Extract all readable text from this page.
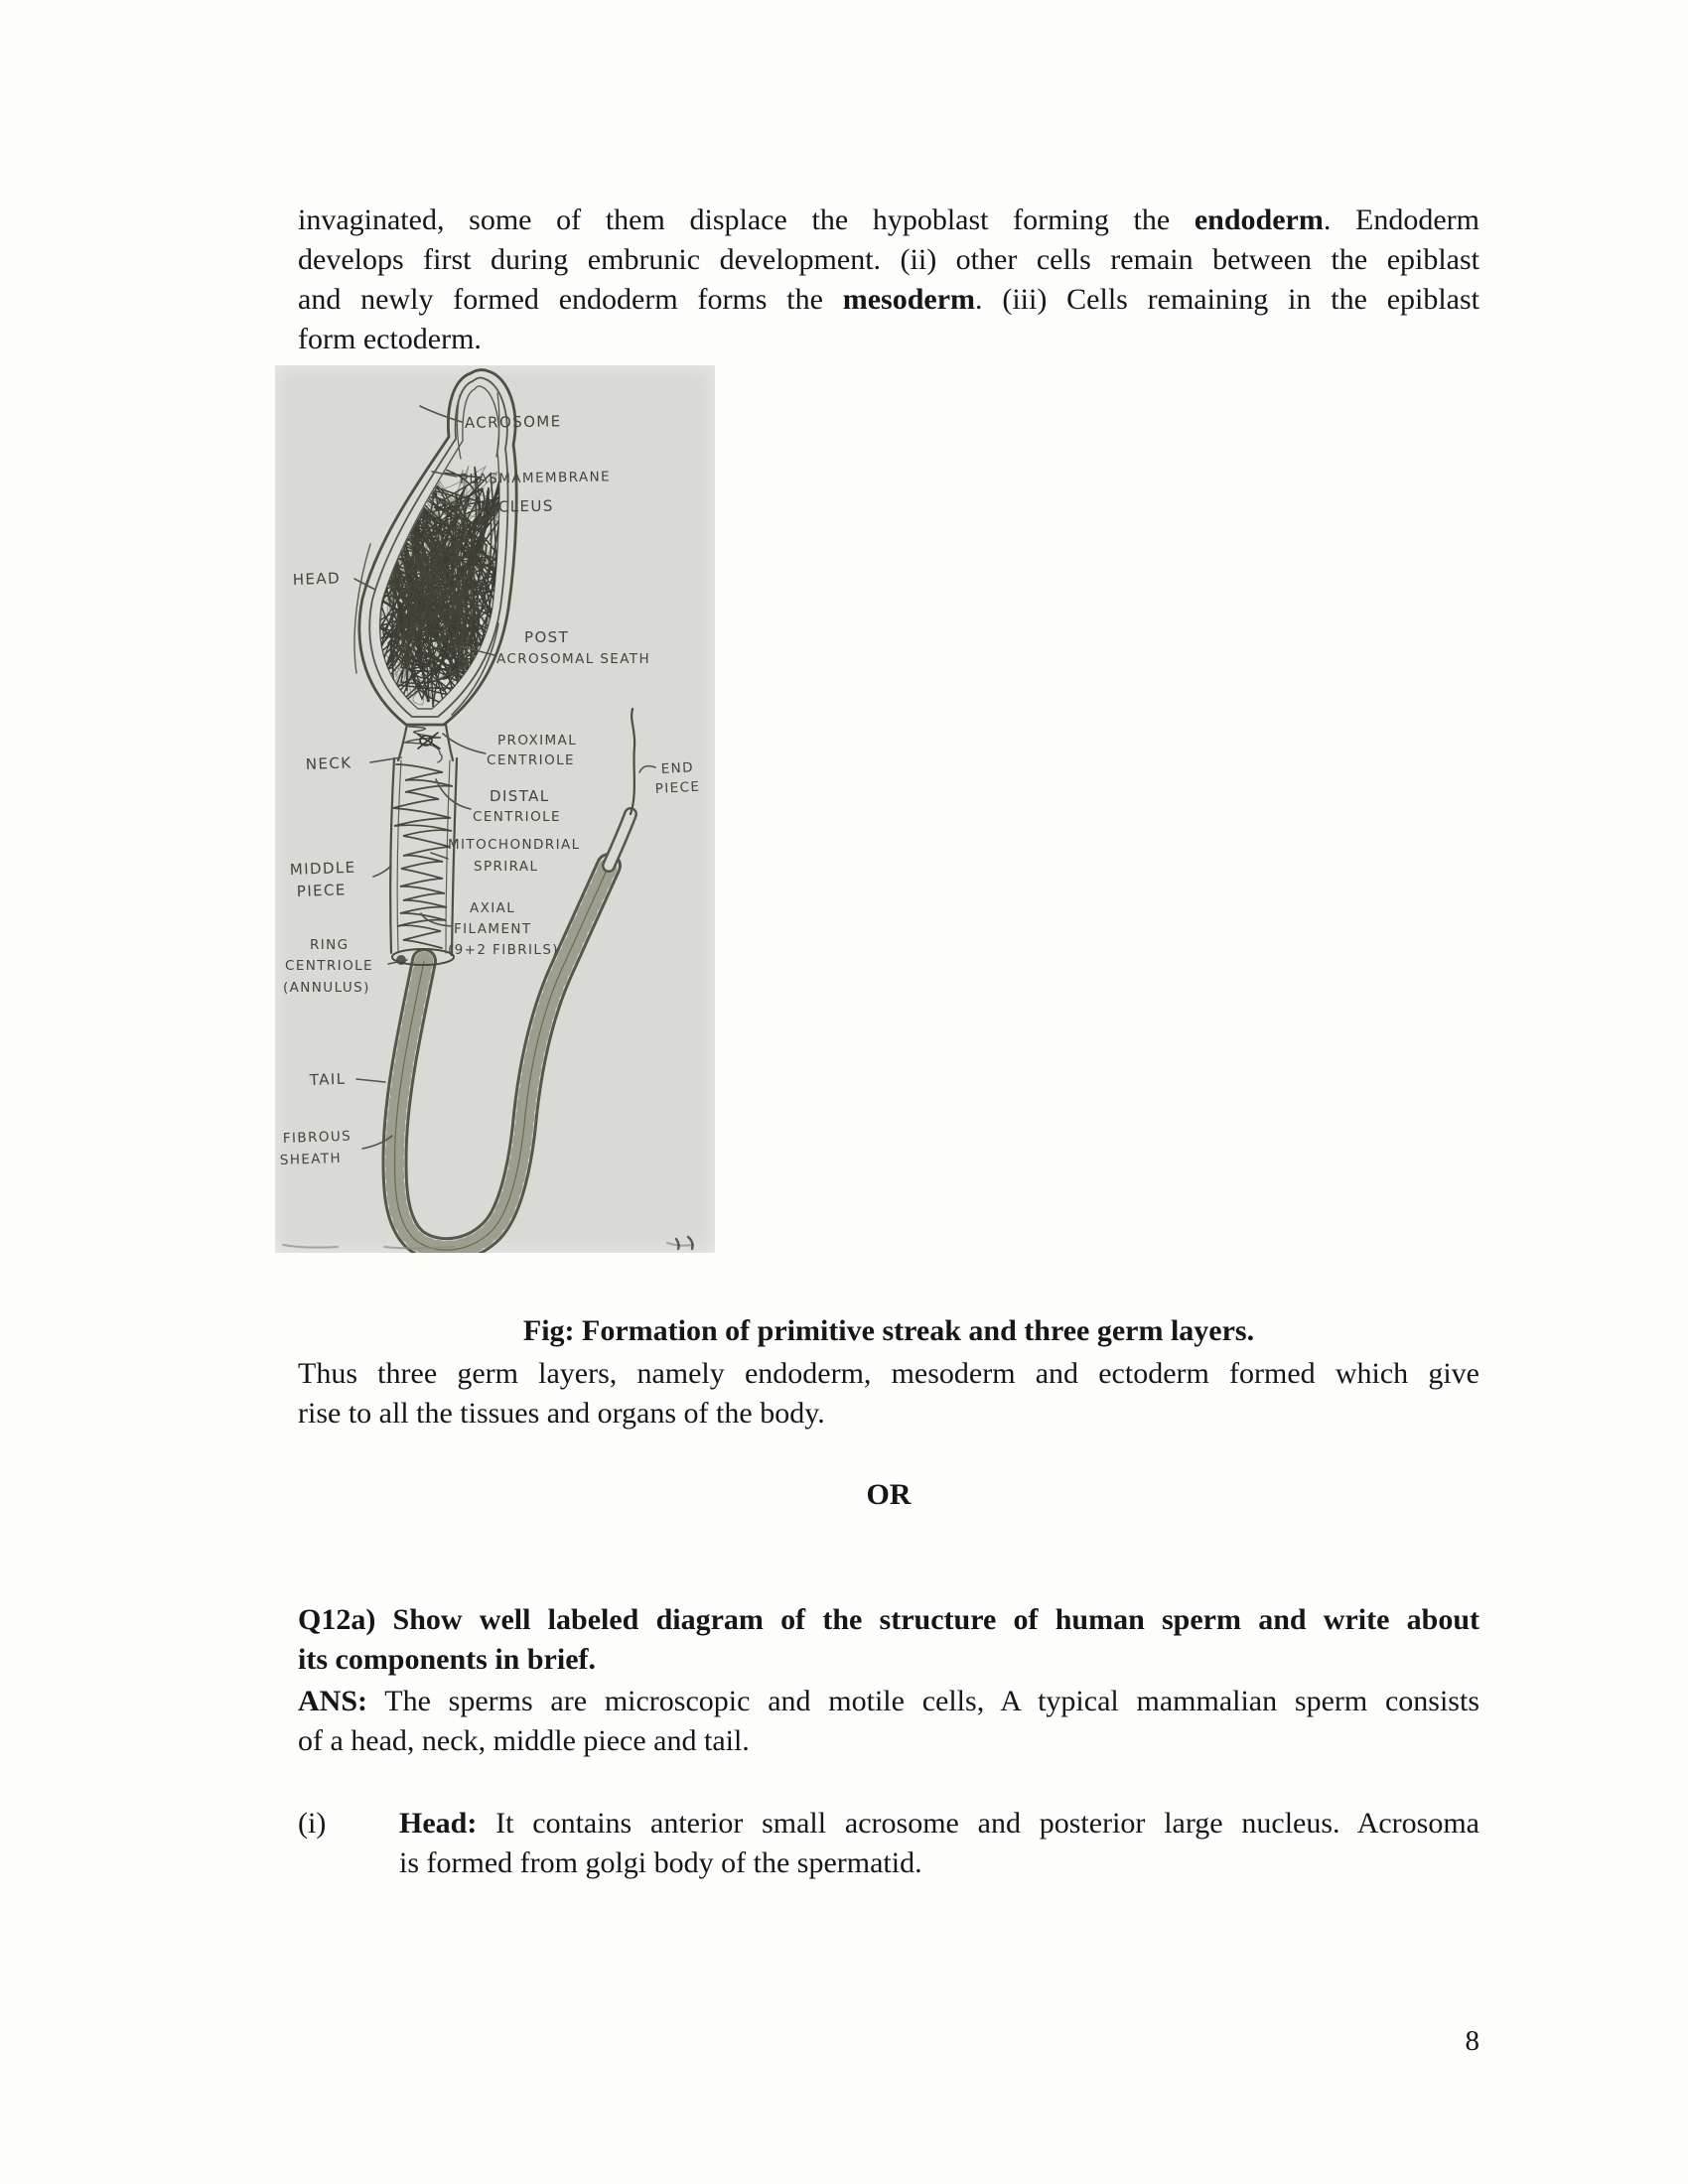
invaginated, some of them displace the hypoblast forming the endoderm. Endoderm
develops first during embrunic development. (ii) other cells remain between the epiblast
and newly formed endoderm forms the mesoderm. (iii) Cells remaining in the epiblast
form ectoderm.
ACROSOME
PLASMAMEMBRANE
NUCLEUS
HEAD
POST
ACROSOMAL SEATH
NECK
PROXIMAL
CENTRIOLE
DISTAL
CENTRIOLE
END
PIECE
MITOCHONDRIAL
SPRIRAL
MIDDLE
PIECE
AXIAL
FILAMENT
(9+2 FIBRILS)
RING
CENTRIOLE
(ANNULUS)
TAIL
FIBROUS
SHEATH
Fig: Formation of primitive streak and three germ layers.
Thus three germ layers, namely endoderm, mesoderm and ectoderm formed which give
rise to all the tissues and organs of the body.
OR
Q12a) Show well labeled diagram of the structure of human sperm and write about
its components in brief.
ANS: The sperms are microscopic and motile cells, A typical mammalian sperm consists
of a head, neck, middle piece and tail.
(i) Head: It contains anterior small acrosome and posterior large nucleus. Acrosoma
is formed from golgi body of the spermatid.
8
